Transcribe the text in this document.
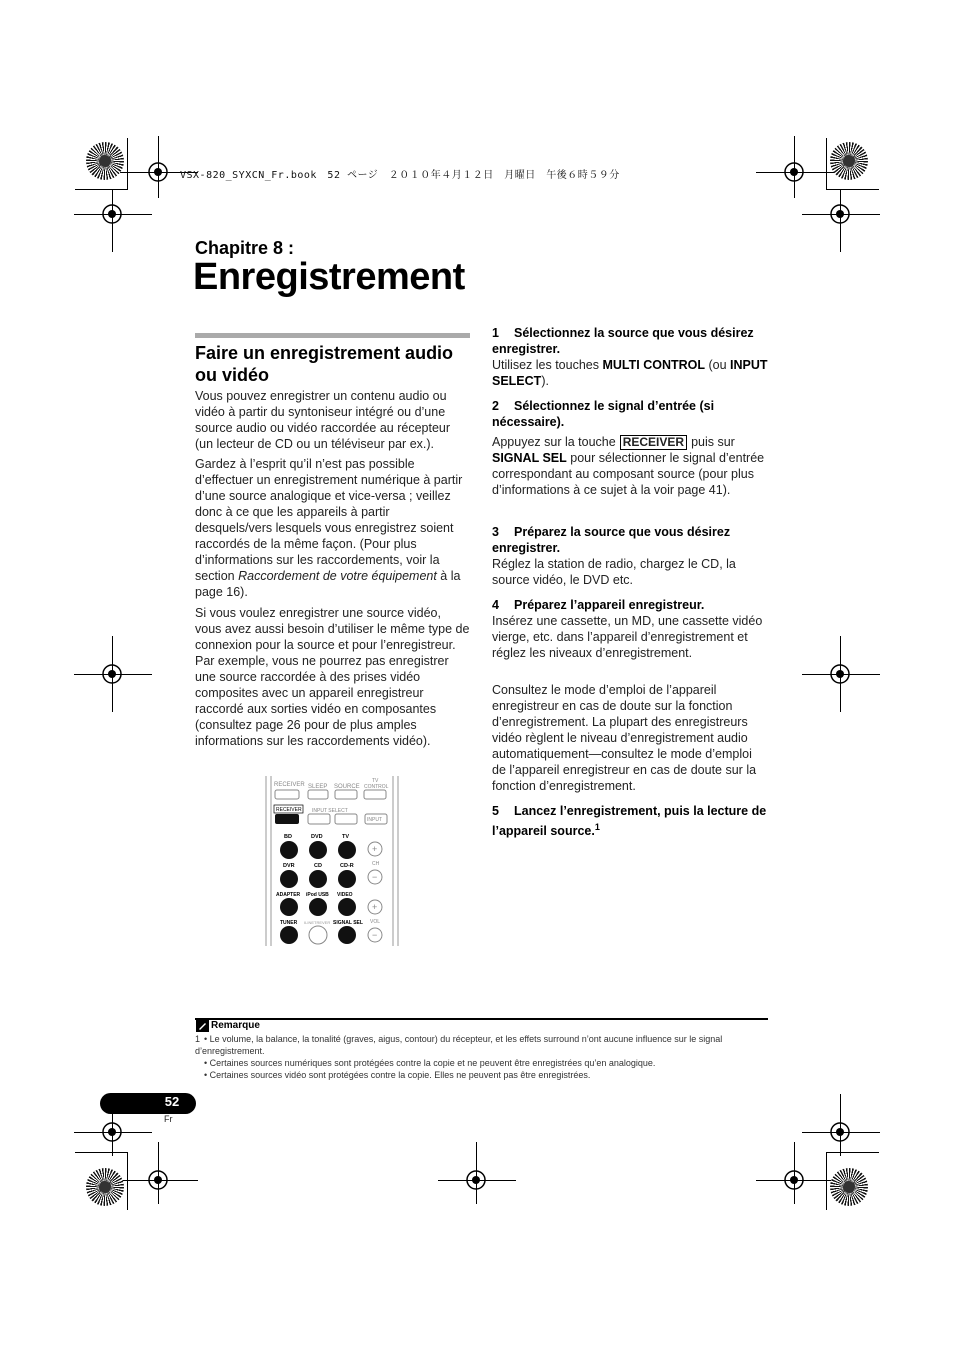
VSX-820_SYXCN_Fr.book　52 ページ　２０１０年４月１２日　月曜日　午後６時５９分
Chapitre 8 :
Enregistrement
Faire un enregistrement audio ou vidéo
Vous pouvez enregistrer un contenu audio ou vidéo à partir du syntoniseur intégré ou d’une source audio ou vidéo raccordée au récepteur (un lecteur de CD ou un téléviseur par ex.).
Gardez à l’esprit qu’il n’est pas possible d’effectuer un enregistrement numérique à partir d’une source analogique et vice-versa ; veillez donc à ce que les appareils à partir desquels/vers lesquels vous enregistrez soient raccordés de la même façon. (Pour plus d’informations sur les raccordements, voir la section Raccordement de votre équipement à la page 16).
Si vous voulez enregistrer une source vidéo, vous avez aussi besoin d’utiliser le même type de connexion pour la source et pour l’enregistreur. Par exemple, vous ne pourrez pas enregistrer une source raccordée à des prises vidéo composites avec un appareil enregistreur raccordé aux sorties vidéo en composantes (consultez page 26 pour de plus amples informations sur les raccordements vidéo).
RECEIVER SLEEP SOURCE
TV
CONTROL
RECEIVER INPUT SELECT
INPUT
BD	DVD	TV
DVR	CD	CD-R
ADAPTER iPod USB VIDEO
TUNER ILINETREVER SIGNAL SEL
+
CH
−
+
VOL
−
1 Sélectionnez la source que vous désirez enregistrer.
Utilisez les touches MULTI CONTROL (ou INPUT SELECT).
2 Sélectionnez le signal d’entrée (si nécessaire).
Appuyez sur la touche RECEIVER puis sur SIGNAL SEL pour sélectionner le signal d’entrée correspondant au composant source (pour plus d’informations à ce sujet à la voir page 41).
3 Préparez la source que vous désirez enregistrer.
Réglez la station de radio, chargez le CD, la source vidéo, le DVD etc.
4 Préparez l’appareil enregistreur.
Insérez une cassette, un MD, une cassette vidéo vierge, etc. dans l’appareil d’enregistrement et réglez les niveaux d’enregistrement.
Consultez le mode d’emploi de l’appareil enregistreur en cas de doute sur la fonction d’enregistrement. La plupart des enregistreurs vidéo règlent le niveau d’enregistrement audio automatiquement—consultez le mode d’emploi de l’appareil enregistreur en cas de doute sur la fonction d’enregistrement.
5 Lancez l’enregistrement, puis la lecture de l’appareil source.$^1$
Remarque
1 • Le volume, la balance, la tonalité (graves, aigus, contour) du récepteur, et les effets surround n’ont aucune influence sur le signal d’enregistrement.
• Certaines sources numériques sont protégées contre la copie et ne peuvent être enregistrées qu’en analogique.
• Certaines sources vidéo sont protégées contre la copie. Elles ne peuvent pas être enregistrées.
52
Fr
